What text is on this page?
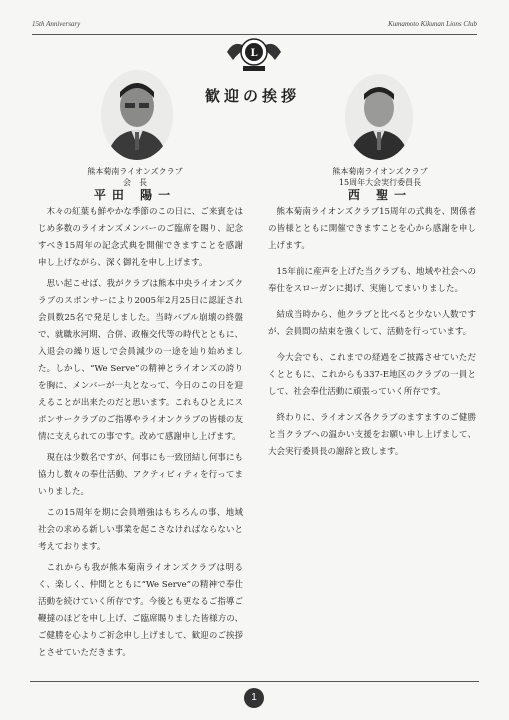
15th Anniversary	Kumamoto Kikunan Lions Club
L
歓迎の挨拶
熊本菊南ライオンズクラブ
会　長
平田 陽一
熊本菊南ライオンズクラブ
15周年大会実行委員長
西 聖一

木々の紅葉も鮮やかな季節のこの日に、ご来賓をはじめ多数のライオンズメンバーのご臨席を賜り、記念すべき15周年の記念式典を開催できますことを感謝申し上げながら、深く御礼を申し上げます。

思い起こせば、我がクラブは熊本中央ライオンズクラブのスポンサーにより2005年2月25日に認証され会員数25名で発足しました。当時バブル崩壊の終盤で、就職氷河期、合併、政権交代等の時代とともに、入退会の繰り返しで会員減少の一途を辿り始めました。しかし、“We Serve”の精神とライオンズの誇りを胸に、メンバーが一丸となって、今日のこの日を迎えることが出来たのだと思います。これもひとえにスポンサークラブのご指導やライオンクラブの皆様の友情に支えられての事です。改めて感謝申し上げます。

現在は少数名ですが、何事にも一致団結し何事にも協力し数々の奉仕活動、アクティビィティを行ってまいりました。

この15周年を期に会員増強はもちろんの事、地域社会の求める新しい事業を起こさなければならないと考えております。

これからも我が熊本菊南ライオンズクラブは明るく、楽しく、仲間とともに“We Serve”の精神で奉仕活動を続けていく所存です。今後とも更なるご指導ご鞭撻のほどを申し上げ、ご臨席賜りました皆様方の、ご健勝を心よりご祈念申し上げまして、歓迎のご挨拶とさせていただきます。

熊本菊南ライオンズクラブ15周年の式典を、関係者の皆様とともに開催できますことを心から感謝を申し上げます。

15年前に産声を上げた当クラブも、地域や社会への奉仕をスローガンに掲げ、実施してまいりました。

結成当時から、他クラブと比べると少ない人数ですが、会員間の結束を強くして、活動を行っています。

今大会でも、これまでの経過をご披露させていただくとともに、これからも337-E地区のクラブの一員として、社会奉仕活動に頑張っていく所存です。

終わりに、ライオンズ各クラブのますますのご健勝と当クラブへの温かい支援をお願い申し上げまして、大会実行委員長の謝辞と致します。

1
